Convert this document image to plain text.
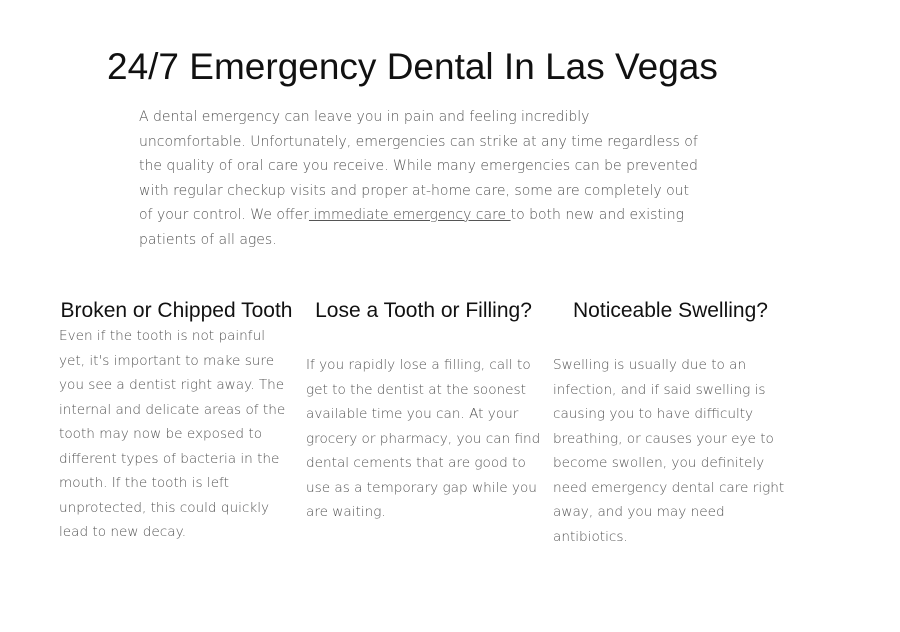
24/7 Emergency Dental In Las Vegas

A dental emergency can leave you in pain and feeling incredibly uncomfortable. Unfortunately, emergencies can strike at any time regardless of the quality of oral care you receive. While many emergencies can be prevented with regular checkup visits and proper at-home care, some are completely out of your control. We offer immediate emergency care to both new and existing patients of all ages.

Broken or Chipped Tooth

Even if the tooth is not painful yet, it's important to make sure you see a dentist right away. The internal and delicate areas of the tooth may now be exposed to different types of bacteria in the mouth. If the tooth is left unprotected, this could quickly lead to new decay.

Lose a Tooth or Filling?

If you rapidly lose a filling, call to get to the dentist at the soonest available time you can. At your grocery or pharmacy, you can find dental cements that are good to use as a temporary gap while you are waiting.

Noticeable Swelling?

Swelling is usually due to an infection, and if said swelling is causing you to have difficulty breathing, or causes your eye to become swollen, you definitely need emergency dental care right away, and you may need antibiotics.
